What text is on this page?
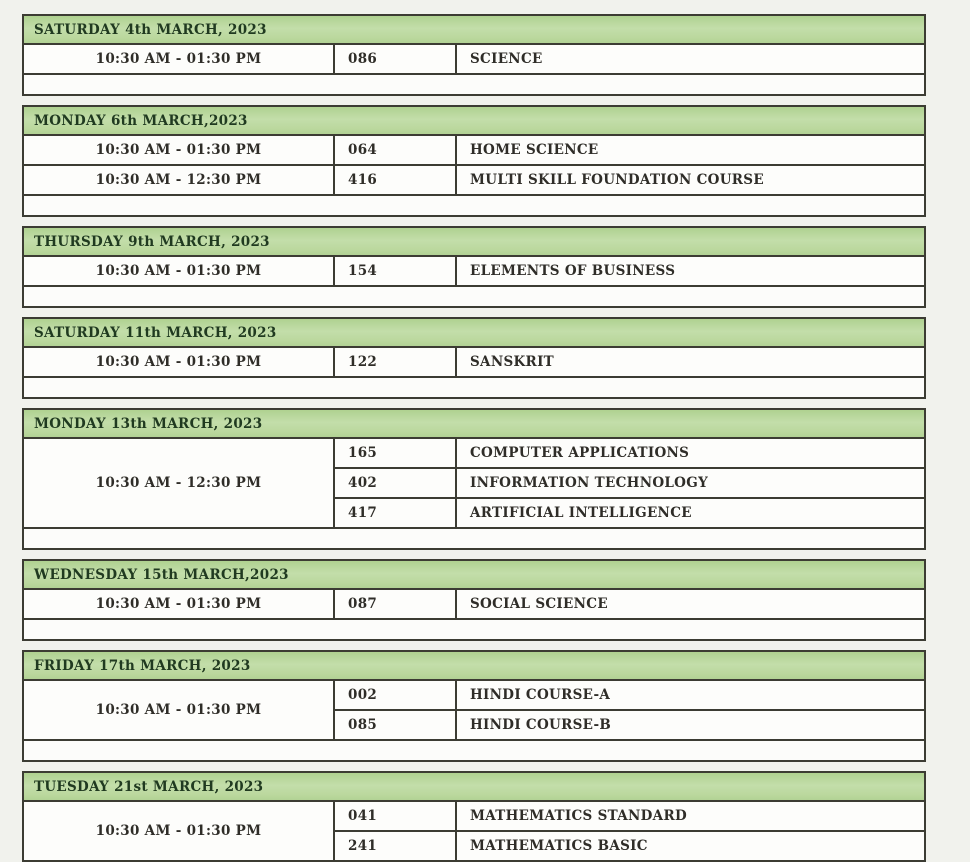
SATURDAY 4th MARCH, 2023
10:30 AM - 01:30 PM	086	SCIENCE

MONDAY 6th MARCH,2023		
10:30 AM - 01:30 PM	064	HOME SCIENCE
10:30 AM - 12:30 PM	416	MULTI SKILL FOUNDATION COURSE

THURSDAY 9th MARCH, 2023
10:30 AM - 01:30 PM	154	ELEMENTS OF BUSINESS

SATURDAY 11th MARCH, 2023
10:30 AM - 01:30 PM	122	SANSKRIT

MONDAY 13th MARCH, 2023		
10:30 AM - 12:30 PM	165	COMPUTER APPLICATIONS
	402	INFORMATION TECHNOLOGY
	417	ARTIFICIAL INTELLIGENCE

WEDNESDAY 15th MARCH,2023
10:30 AM - 01:30 PM	087	SOCIAL SCIENCE

FRIDAY 17th MARCH, 2023		
10:30 AM - 01:30 PM	002	HINDI COURSE-A
	085	HINDI COURSE-B

TUESDAY 21st MARCH, 2023		
10:30 AM - 01:30 PM	041	MATHEMATICS STANDARD
	241	MATHEMATICS BASIC
